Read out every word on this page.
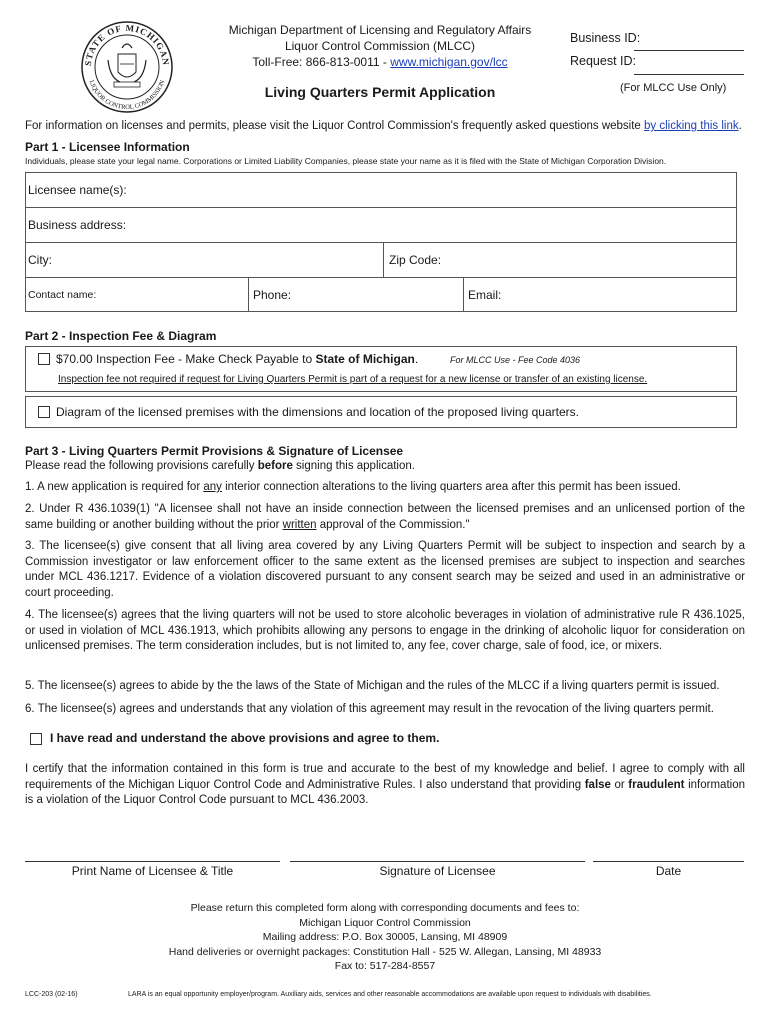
STATE OF MICHIGAN
LIQUOR CONTROL COMMISSION
Michigan Department of Licensing and Regulatory Affairs
Liquor Control Commission (MLCC)
Toll-Free: 866-813-0011 - www.michigan.gov/lcc
Living Quarters Permit Application
Business ID:
Request ID:
(For MLCC Use Only)
For information on licenses and permits, please visit the Liquor Control Commission's frequently asked questions website by clicking this link.
Part 1 - Licensee Information
Individuals, please state your legal name. Corporations or Limited Liability Companies, please state your name as it is filed with the State of Michigan Corporation Division.
Licensee name(s):
Business address:
City:	Zip Code:
Contact name:	Phone:	Email:
Part 2 - Inspection Fee & Diagram
$70.00 Inspection Fee - Make Check Payable to State of Michigan.	For MLCC Use - Fee Code 4036
Inspection fee not required if request for Living Quarters Permit is part of a request for a new license or transfer of an existing license.
Diagram of the licensed premises with the dimensions and location of the proposed living quarters.
Part 3 - Living Quarters Permit Provisions & Signature of Licensee
Please read the following provisions carefully before signing this application.
1. A new application is required for any interior connection alterations to the living quarters area after this permit has been issued.
2. Under R 436.1039(1) "A licensee shall not have an inside connection between the licensed premises and an unlicensed portion of the same building or another building without the prior written approval of the Commission."
3. The licensee(s) give consent that all living area covered by any Living Quarters Permit will be subject to inspection and search by a Commission investigator or law enforcement officer to the same extent as the licensed premises are subject to inspection and searches under MCL 436.1217. Evidence of a violation discovered pursuant to any consent search may be seized and used in an administrative or court proceeding.
4. The licensee(s) agrees that the living quarters will not be used to store alcoholic beverages in violation of administrative rule R 436.1025, or used in violation of MCL 436.1913, which prohibits allowing any persons to engage in the drinking of alcoholic liquor for consideration on unlicensed premises. The term consideration includes, but is not limited to, any fee, cover charge, sale of food, ice, or mixers.
5. The licensee(s) agrees to abide by the the laws of the State of Michigan and the rules of the MLCC if a living quarters permit is issued.
6. The licensee(s) agrees and understands that any violation of this agreement may result in the revocation of the living quarters permit.
I have read and understand the above provisions and agree to them.
I certify that the information contained in this form is true and accurate to the best of my knowledge and belief. I agree to comply with all requirements of the Michigan Liquor Control Code and Administrative Rules. I also understand that providing false or fraudulent information is a violation of the Liquor Control Code pursuant to MCL 436.2003.
Print Name of Licensee & Title	Signature of Licensee	Date
Please return this completed form along with corresponding documents and fees to:
Michigan Liquor Control Commission
Mailing address: P.O. Box 30005, Lansing, MI 48909
Hand deliveries or overnight packages: Constitution Hall - 525 W. Allegan, Lansing, MI 48933
Fax to: 517-284-8557
LCC-203 (02-16)	LARA is an equal opportunity employer/program. Auxiliary aids, services and other reasonable accommodations are available upon request to individuals with disabilities.
